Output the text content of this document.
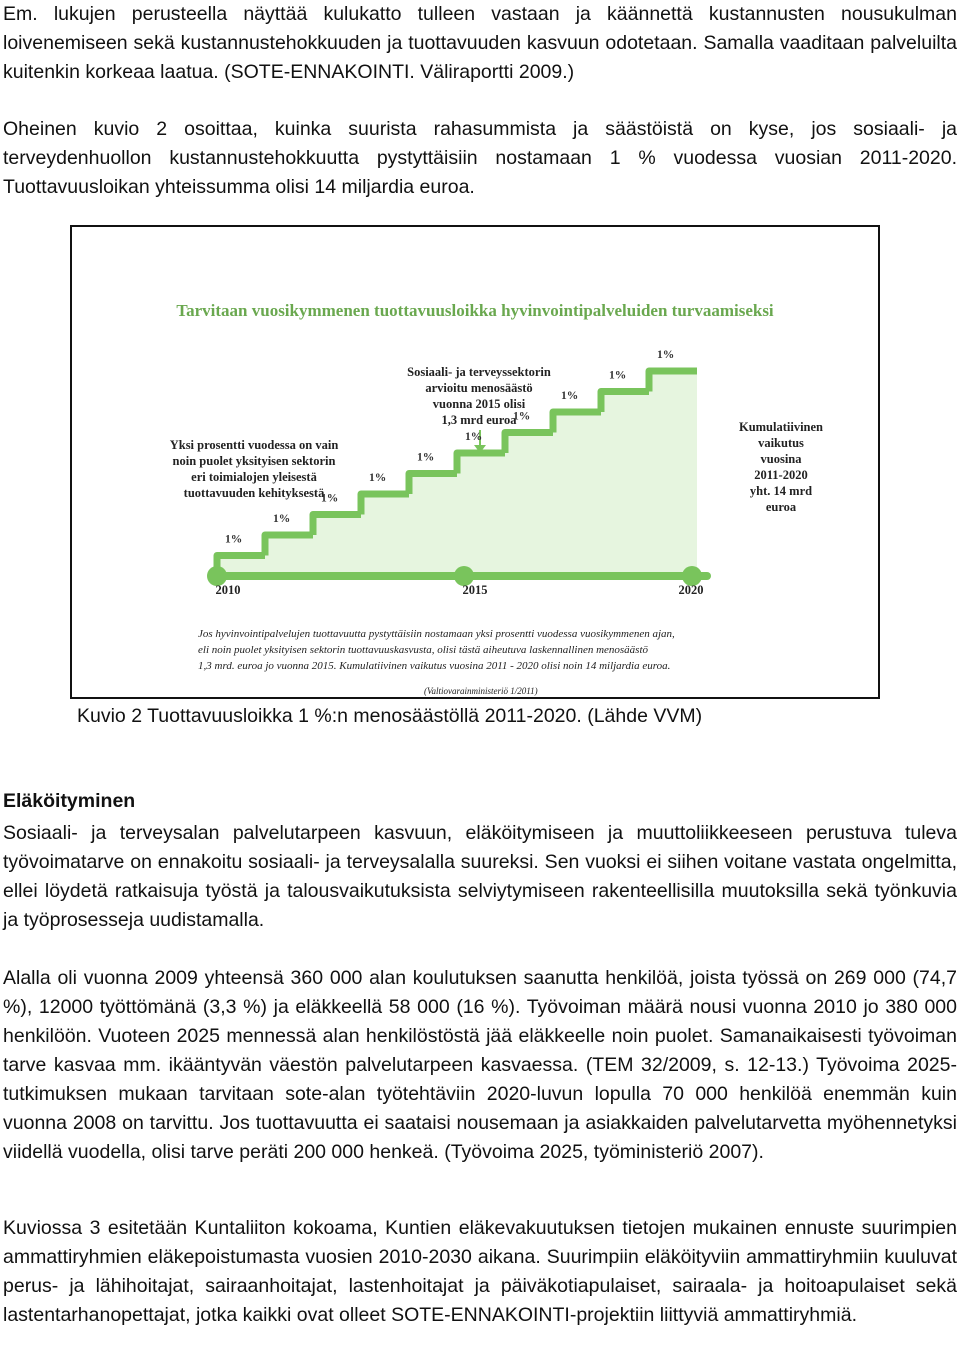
Em. lukujen perusteella näyttää kulukatto tulleen vastaan ja käännettä kustannusten nousukulman loivenemiseen sekä kustannustehokkuuden ja tuottavuuden kasvuun odotetaan. Samalla vaaditaan palveluilta kuitenkin korkeaa laatua. (SOTE-ENNAKOINTI. Väliraportti 2009.)

Oheinen kuvio 2 osoittaa, kuinka suurista rahasummista ja säästöistä on kyse, jos sosiaali- ja terveydenhuollon kustannustehokkuutta pystyttäisiin nostamaan 1 % vuodessa vuosian 2011-2020. Tuottavuusloikan yhteissumma olisi 14 miljardia euroa.

Tarvitaan vuosikymmenen tuottavuusloikka hyvinvointipalveluiden turvaamiseksi
Yksi prosentti vuodessa on vain
noin puolet yksityisen sektorin
eri toimialojen yleisestä
tuottavuuden kehityksestä
Sosiaali- ja terveyssektorin
arvioitu menosäästö
vuonna 2015 olisi
1,3 mrd euroa	Kumulatiivinen
vaikutus
vuosina
2011-2020
yht. 14 mrd
euroa
1%
1%
1%
1%
1%
1%
1%
1%
1%
1%
2010	2015	2020
Jos hyvinvointipalvelujen tuottavuutta pystyttäisiin nostamaan yksi prosentti vuodessa vuosikymmenen ajan,
eli noin puolet yksityisen sektorin tuottavuuskasvusta, olisi tästä aiheutuva laskennallinen menosäästö
1,3 mrd. euroa jo vuonna 2015. Kumulatiivinen vaikutus vuosina 2011 - 2020 olisi noin 14 miljardia euroa.
(Valtiovarainministeriö 1/2011)

Kuvio 2 Tuottavuusloikka 1 %:n menosäästöllä 2011-2020. (Lähde VVM)

Eläköityminen

Sosiaali- ja terveysalan palvelutarpeen kasvuun, eläköitymiseen ja muuttoliikkeeseen perustuva tuleva työvoimatarve on ennakoitu sosiaali- ja terveysalalla suureksi. Sen vuoksi ei siihen voitane vastata ongelmitta, ellei löydetä ratkaisuja työstä ja talousvaikutuksista selviytymiseen rakenteellisilla muutoksilla sekä työnkuvia ja työprosesseja uudistamalla.

Alalla oli vuonna 2009 yhteensä 360 000 alan koulutuksen saanutta henkilöä, joista työssä on 269 000 (74,7 %), 12000 työttömänä (3,3 %) ja eläkkeellä 58 000 (16 %). Työvoiman määrä nousi vuonna 2010 jo 380 000 henkilöön. Vuoteen 2025 mennessä alan henkilöstöstä jää eläkkeelle noin puolet. Samanaikaisesti työvoiman tarve kasvaa mm. ikääntyvän väestön palvelutarpeen kasvaessa. (TEM 32/2009, s. 12-13.) Työvoima 2025- tutkimuksen mukaan tarvitaan sote-alan työtehtäviin 2020-luvun lopulla 70 000 henkilöä enemmän kuin vuonna 2008 on tarvittu. Jos tuottavuutta ei saataisi nousemaan ja asiakkaiden palvelutarvetta myöhennetyksi viidellä vuodella, olisi tarve peräti 200 000 henkeä. (Työvoima 2025, työministeriö 2007).

Kuviossa 3 esitetään Kuntaliiton kokoama, Kuntien eläkevakuutuksen tietojen mukainen ennuste suurimpien ammattiryhmien eläkepoistumasta vuosien 2010-2030 aikana. Suurimpiin eläköityviin ammattiryhmiin kuuluvat perus- ja lähihoitajat, sairaanhoitajat, lastenhoitajat ja päiväkotiapulaiset, sairaala- ja hoitoapulaiset sekä lastentarhanopettajat, jotka kaikki ovat olleet SOTE-ENNAKOINTI-projektiin liittyviä ammattiryhmiä.
